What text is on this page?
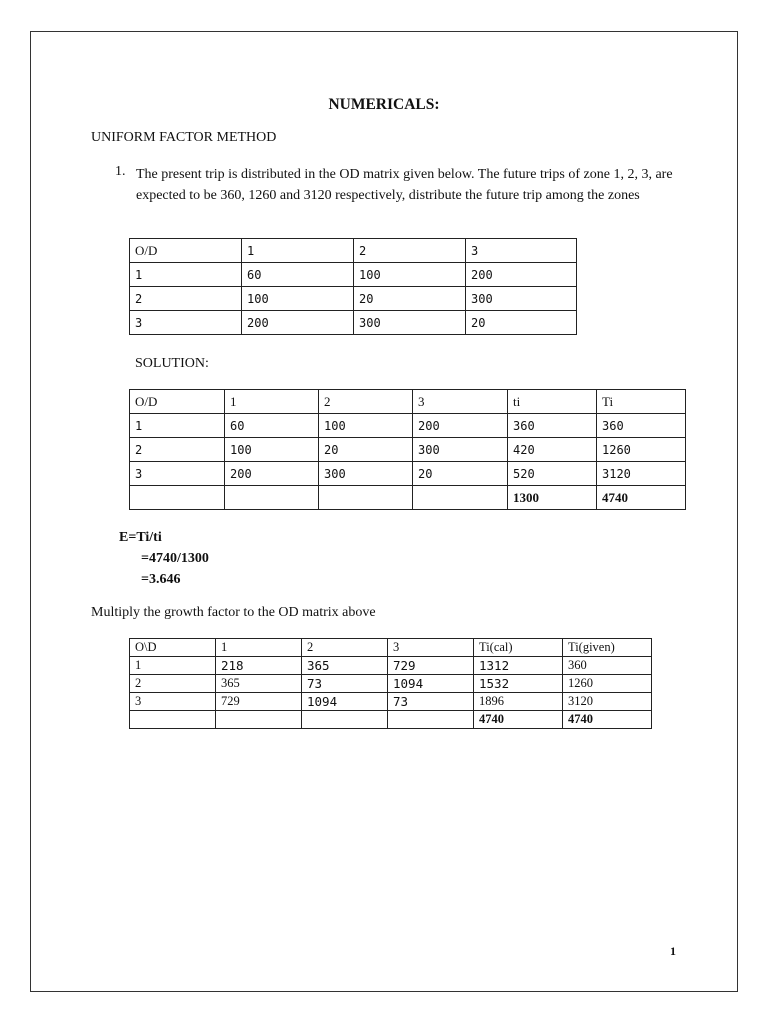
NUMERICALS:
UNIFORM FACTOR METHOD
1. The present trip is distributed in the OD matrix given below. The future trips of zone 1, 2, 3, are expected to be 360, 1260 and 3120 respectively, distribute the future trip among the zones
O/D	1	2	3
1	60	100	200
2	100	20	300
3	200	300	20
SOLUTION:
O/D	1	2	3	ti	Ti
1	60	100	200	360	360
2	100	20	300	420	1260
3	200	300	20	520	3120
				1300	4740
E=Ti/ti
=4740/1300
=3.646
Multiply the growth factor to the OD matrix above
O\D	1	2	3	Ti(cal)	Ti(given)
1	218	365	729	1312	360
2	365	73	1094	1532	1260
3	729	1094	73	1896	3120
				4740	4740
1
